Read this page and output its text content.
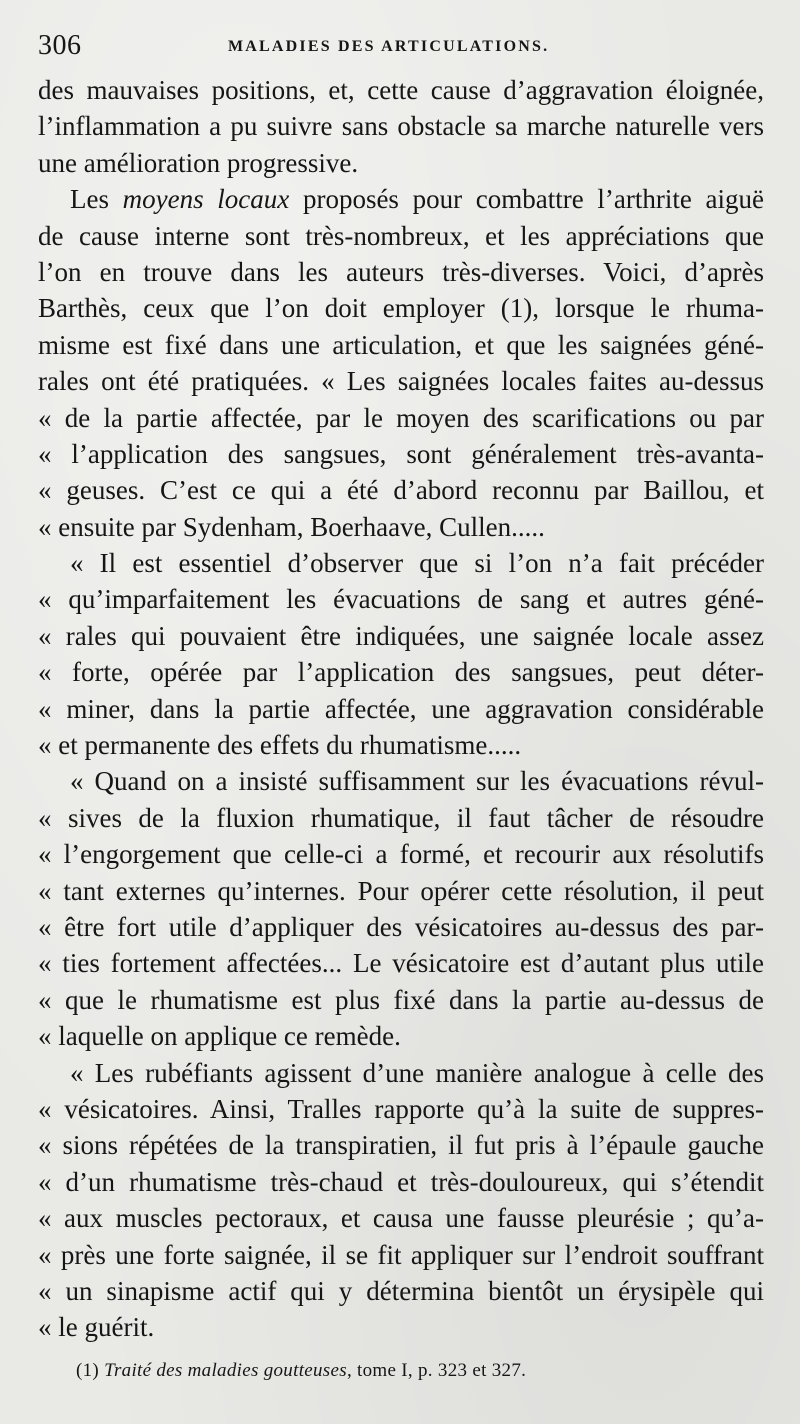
306	MALADIES DES ARTICULATIONS.
des mauvaises positions, et, cette cause d’aggravation éloignée,
l’inflammation a pu suivre sans obstacle sa marche naturelle vers
une amélioration progressive.
Les moyens locaux proposés pour combattre l’arthrite aiguë
de cause interne sont très-nombreux, et les appréciations que
l’on en trouve dans les auteurs très-diverses. Voici, d’après
Barthès, ceux que l’on doit employer (1), lorsque le rhuma-
misme est fixé dans une articulation, et que les saignées géné-
rales ont été pratiquées. « Les saignées locales faites au-dessus
« de la partie affectée, par le moyen des scarifications ou par
« l’application des sangsues, sont généralement très-avanta-
« geuses. C’est ce qui a été d’abord reconnu par Baillou, et
« ensuite par Sydenham, Boerhaave, Cullen.....
« Il est essentiel d’observer que si l’on n’a fait précéder
« qu’imparfaitement les évacuations de sang et autres géné-
« rales qui pouvaient être indiquées, une saignée locale assez
« forte, opérée par l’application des sangsues, peut déter-
« miner, dans la partie affectée, une aggravation considérable
« et permanente des effets du rhumatisme.....
« Quand on a insisté suffisamment sur les évacuations révul-
« sives de la fluxion rhumatique, il faut tâcher de résoudre
« l’engorgement que celle-ci a formé, et recourir aux résolutifs
« tant externes qu’internes. Pour opérer cette résolution, il peut
« être fort utile d’appliquer des vésicatoires au-dessus des par-
« ties fortement affectées... Le vésicatoire est d’autant plus utile
« que le rhumatisme est plus fixé dans la partie au-dessus de
« laquelle on applique ce remède.
« Les rubéfiants agissent d’une manière analogue à celle des
« vésicatoires. Ainsi, Tralles rapporte qu’à la suite de suppres-
« sions répétées de la transpiratien, il fut pris à l’épaule gauche
« d’un rhumatisme très-chaud et très-douloureux, qui s’étendit
« aux muscles pectoraux, et causa une fausse pleurésie ; qu’a-
« près une forte saignée, il se fit appliquer sur l’endroit souffrant
« un sinapisme actif qui y détermina bientôt un érysipèle qui
« le guérit.
(1) Traité des maladies goutteuses, tome I, p. 323 et 327.
